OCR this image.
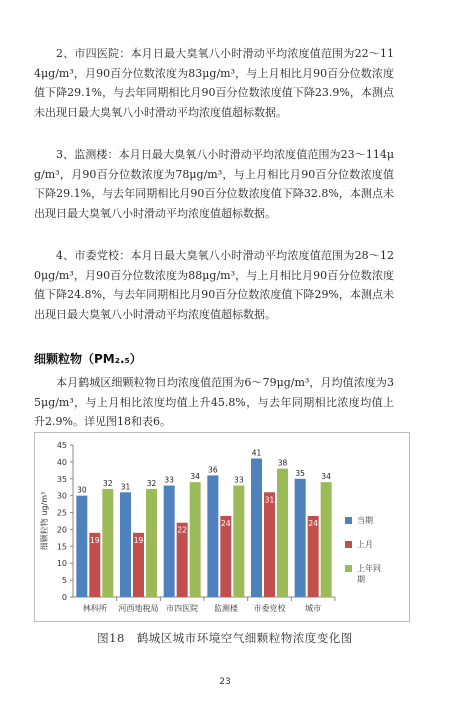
2、市四医院：本月日最大臭氧八小时滑动平均浓度值范围为22～114μg/m³，月90百分位数浓度为83μg/m³，与上月相比月90百分位数浓度值下降29.1%，与去年同期相比月90百分位数浓度值下降23.9%，本测点未出现日最大臭氧八小时滑动平均浓度值超标数据。

3、监测楼：本月日最大臭氧八小时滑动平均浓度值范围为23～114μg/m³，月90百分位数浓度为78μg/m³，与上月相比月90百分位数浓度值下降29.1%，与去年同期相比月90百分位数浓度值下降32.8%，本测点未出现日最大臭氧八小时滑动平均浓度值超标数据。

4、市委党校：本月日最大臭氧八小时滑动平均浓度值范围为28～120μg/m³，月90百分位数浓度为88μg/m³，与上月相比月90百分位数浓度值下降24.8%，与去年同期相比月90百分位数浓度值下降29%，本测点未出现日最大臭氧八小时滑动平均浓度值超标数据。

细颗粒物（PM₂.₅）

本月鹤城区细颗粒物日均浓度值范围为6～79μg/m³，月均值浓度为35μg/m³，与上月相比浓度均值上升45.8%，与去年同期相比浓度均值上升2.9%。详见图18和表6。

0
5
10
15
20
25
30
35
40
45
细颗粒物 ug/m³
30
19
32
林科所
31
19
32
河西地税局
33
22
34
市四医院
36
24
33
监测楼
41
31
38
市委党校
35
24
34
城市
当期
上月
上年同
期
图18　鹤城区城市环境空气细颗粒物浓度变化图
23
